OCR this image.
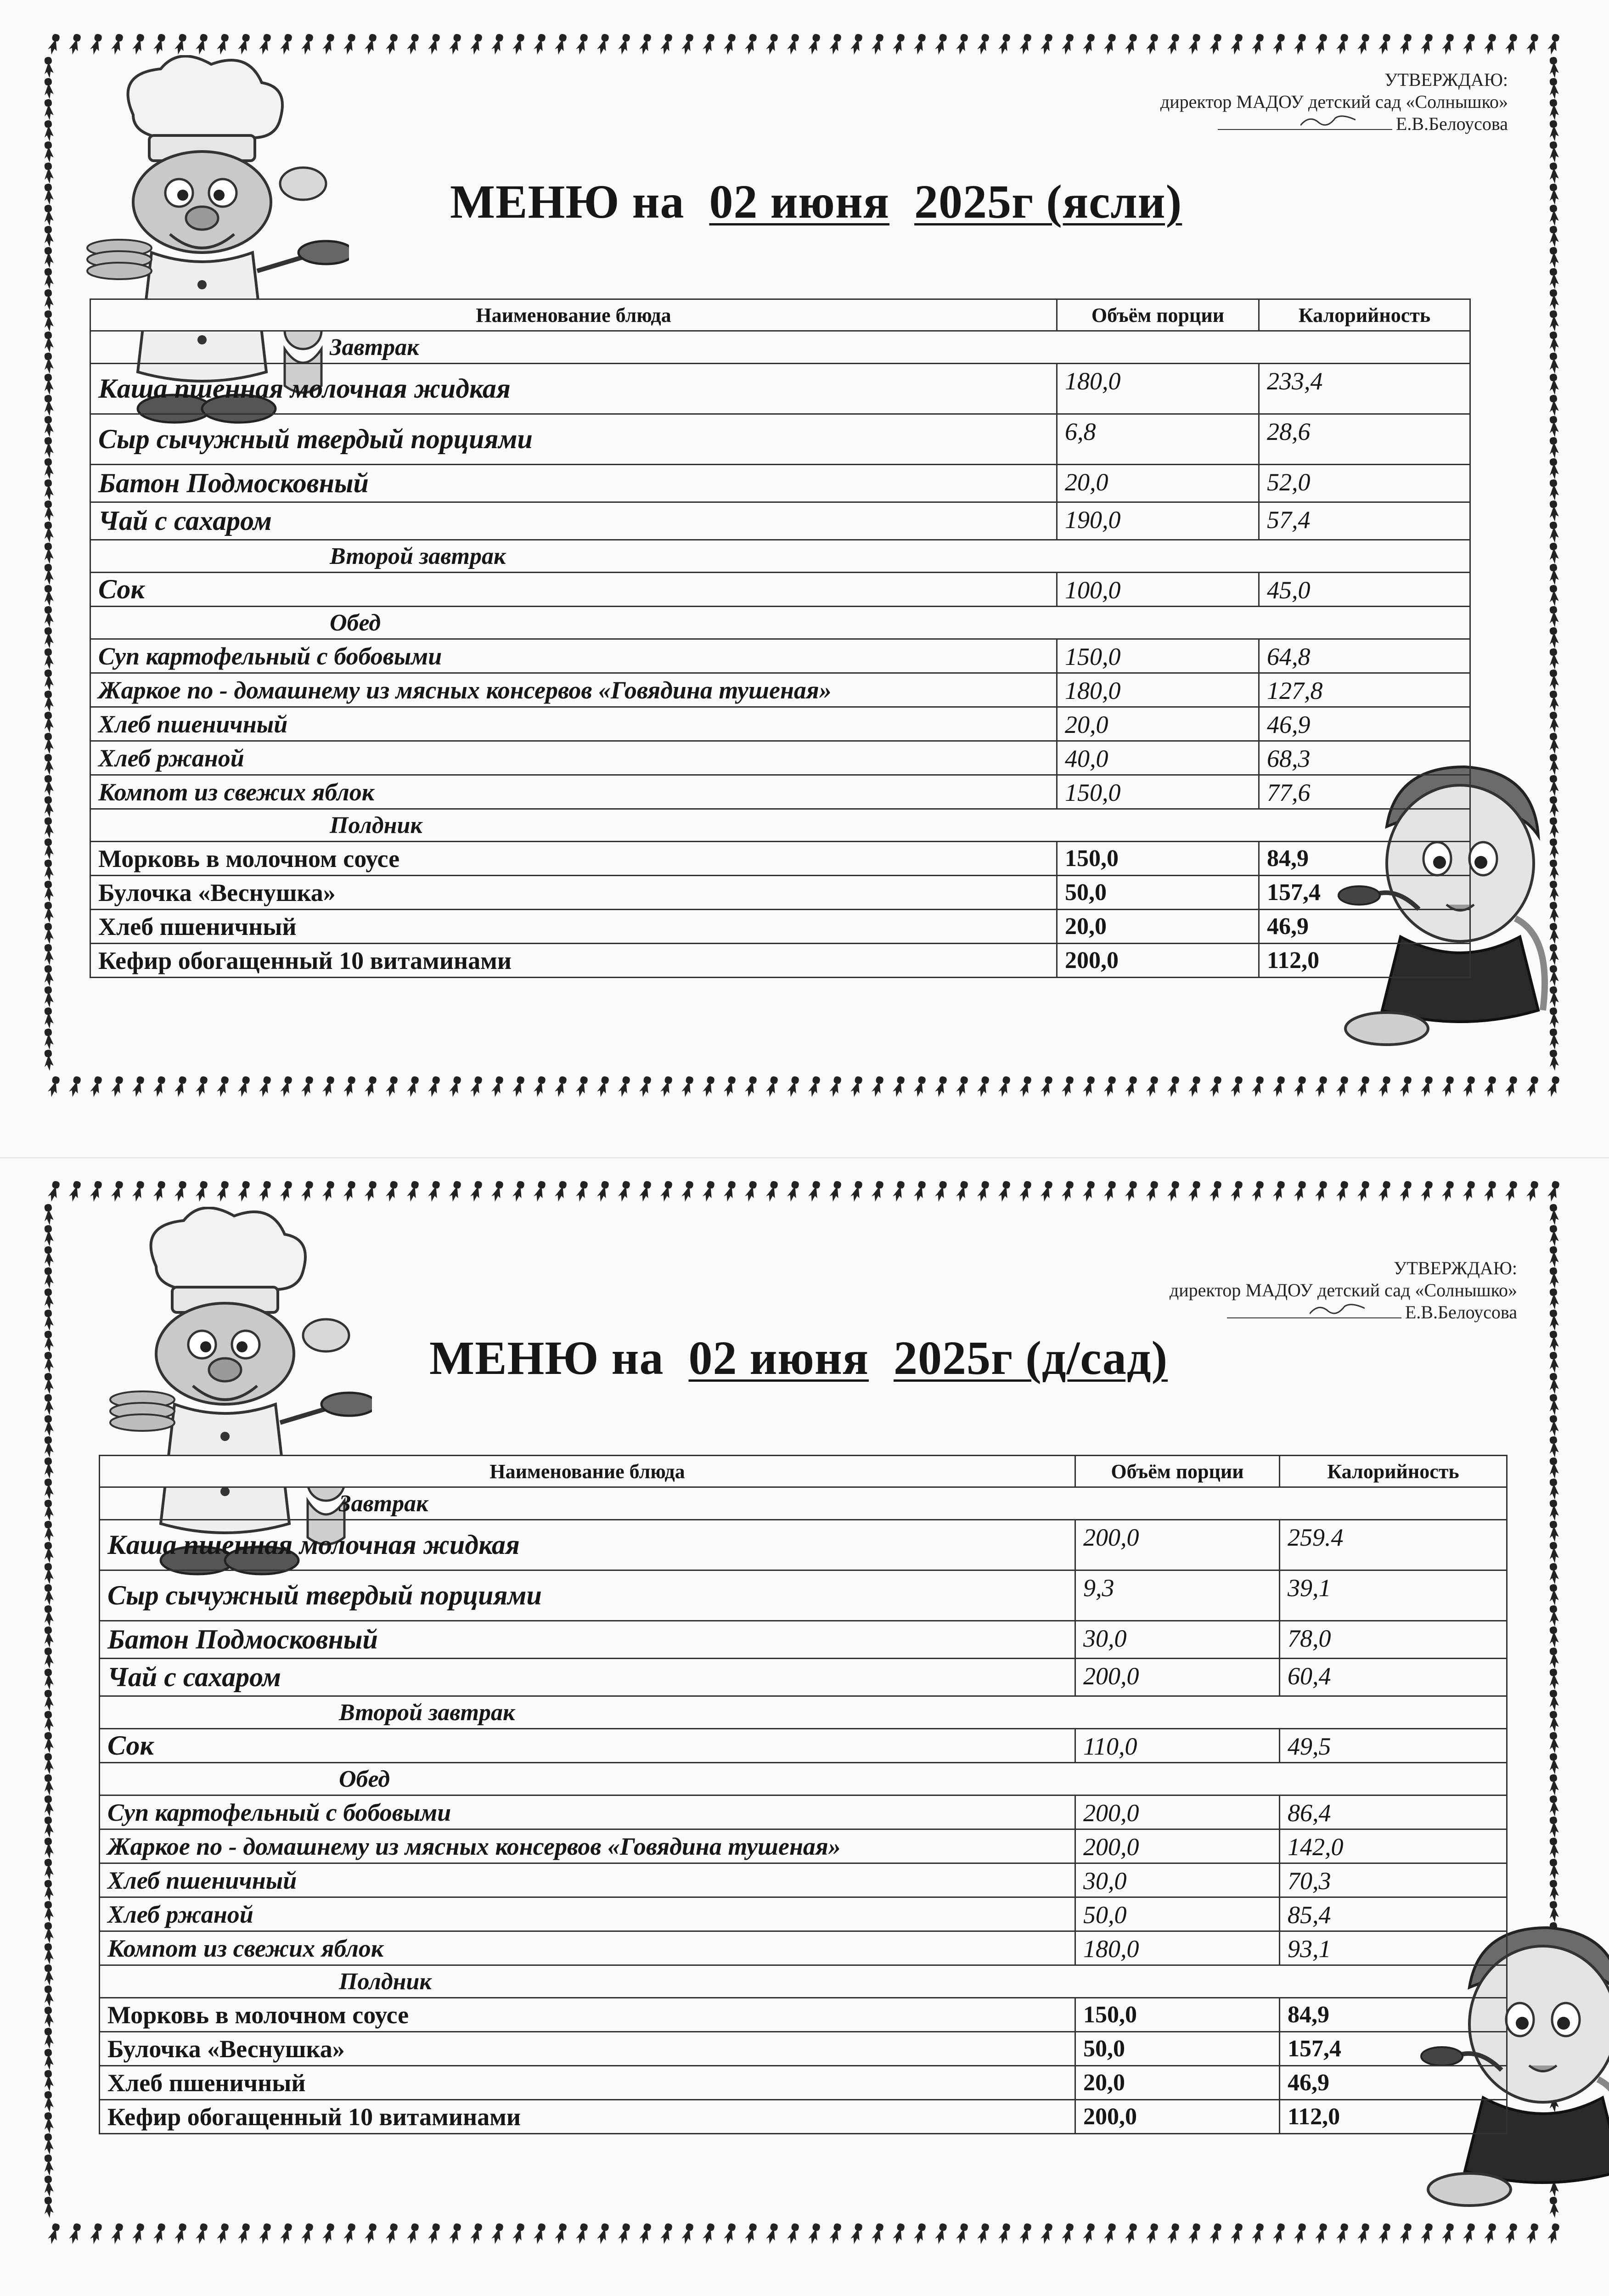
УТВЕРЖДАЮ:
директор МАДОУ детский сад «Солнышко»
Е.В.Белоусова
МЕНЮ на 02 июня 2025г (ясли)
Наименование блюда	Объём порции	Калорийность
Завтрак		
Каша пшенная молочная жидкая	180,0	233,4
Сыр сычужный твердый порциями	6,8	28,6
Батон Подмосковный	20,0	52,0
Чай с сахаром	190,0	57,4
Второй завтрак		
Сок	100,0	45,0
Обед		
Суп картофельный с бобовыми	150,0	64,8
Жаркое по - домашнему из мясных консервов «Говядина тушеная»	180,0	127,8
Хлеб пшеничный	20,0	46,9
Хлеб ржаной	40,0	68,3
Компот из свежих яблок	150,0	77,6
Полдник		
Морковь в молочном соусе	150,0	84,9
Булочка «Веснушка»	50,0	157,4
Хлеб пшеничный	20,0	46,9
Кефир обогащенный 10 витаминами	200,0	112,0
УТВЕРЖДАЮ:
директор МАДОУ детский сад «Солнышко»
Е.В.Белоусова
МЕНЮ на 02 июня 2025г (д/сад)
Наименование блюда	Объём порции	Калорийность
Завтрак		
Каша пшенная молочная жидкая	200,0	259.4
Сыр сычужный твердый порциями	9,3	39,1
Батон Подмосковный	30,0	78,0
Чай с сахаром	200,0	60,4
Второй завтрак		
Сок	110,0	49,5
Обед		
Суп картофельный с бобовыми	200,0	86,4
Жаркое по - домашнему из мясных консервов «Говядина тушеная»	200,0	142,0
Хлеб пшеничный	30,0	70,3
Хлеб ржаной	50,0	85,4
Компот из свежих яблок	180,0	93,1
Полдник		
Морковь в молочном соусе	150,0	84,9
Булочка «Веснушка»	50,0	157,4
Хлеб пшеничный	20,0	46,9
Кефир обогащенный 10 витаминами	200,0	112,0
